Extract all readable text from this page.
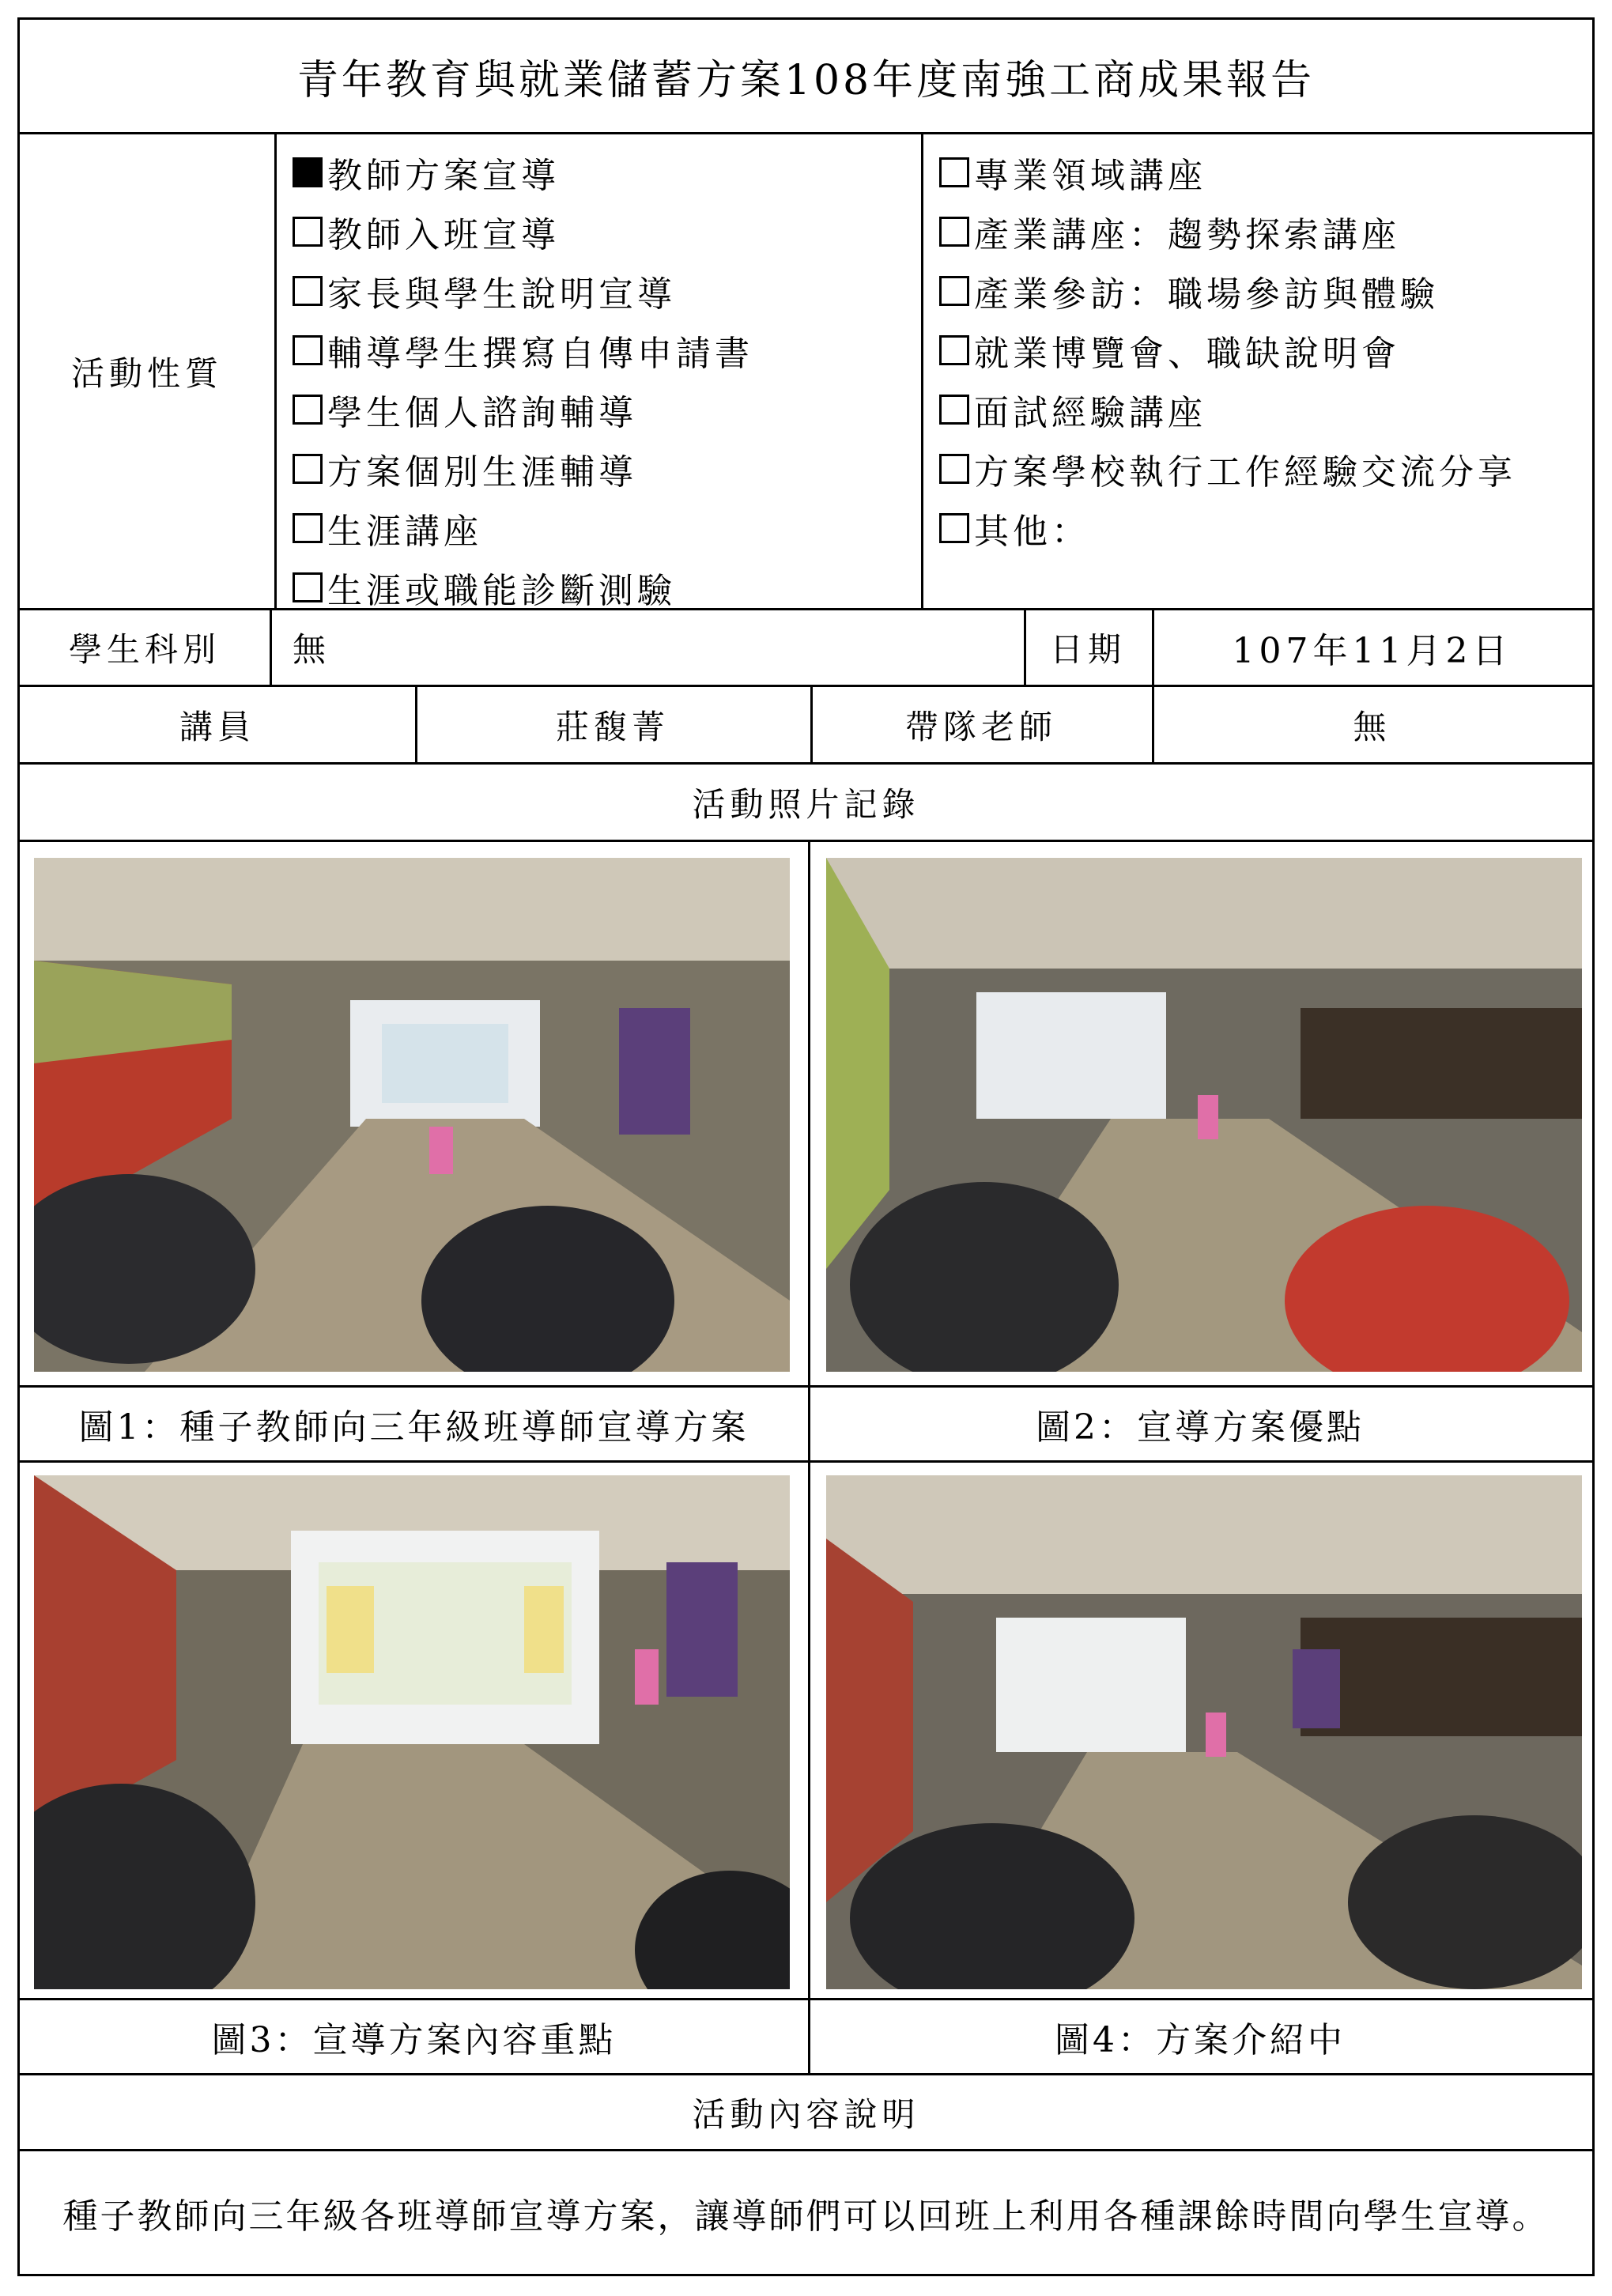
青年教育與就業儲蓄方案108年度南強工商成果報告
活動性質
教師方案宣導
教師入班宣導
家長與學生說明宣導
輔導學生撰寫自傳申請書
學生個人諮詢輔導
方案個別生涯輔導
生涯講座
生涯或職能診斷測驗
專業領域講座
產業講座：趨勢探索講座
產業參訪：職場參訪與體驗
就業博覽會、職缺說明會
面試經驗講座
方案學校執行工作經驗交流分享
其他：
學生科別 無	日期	107年11月2日
講員	莊馥菁	帶隊老師	無
活動照片記錄
圖1：種子教師向三年級班導師宣導方案	圖2：宣導方案優點
圖3：宣導方案內容重點	圖4：方案介紹中
活動內容說明
種子教師向三年級各班導師宣導方案，讓導師們可以回班上利用各種課餘時間向學生宣導。
